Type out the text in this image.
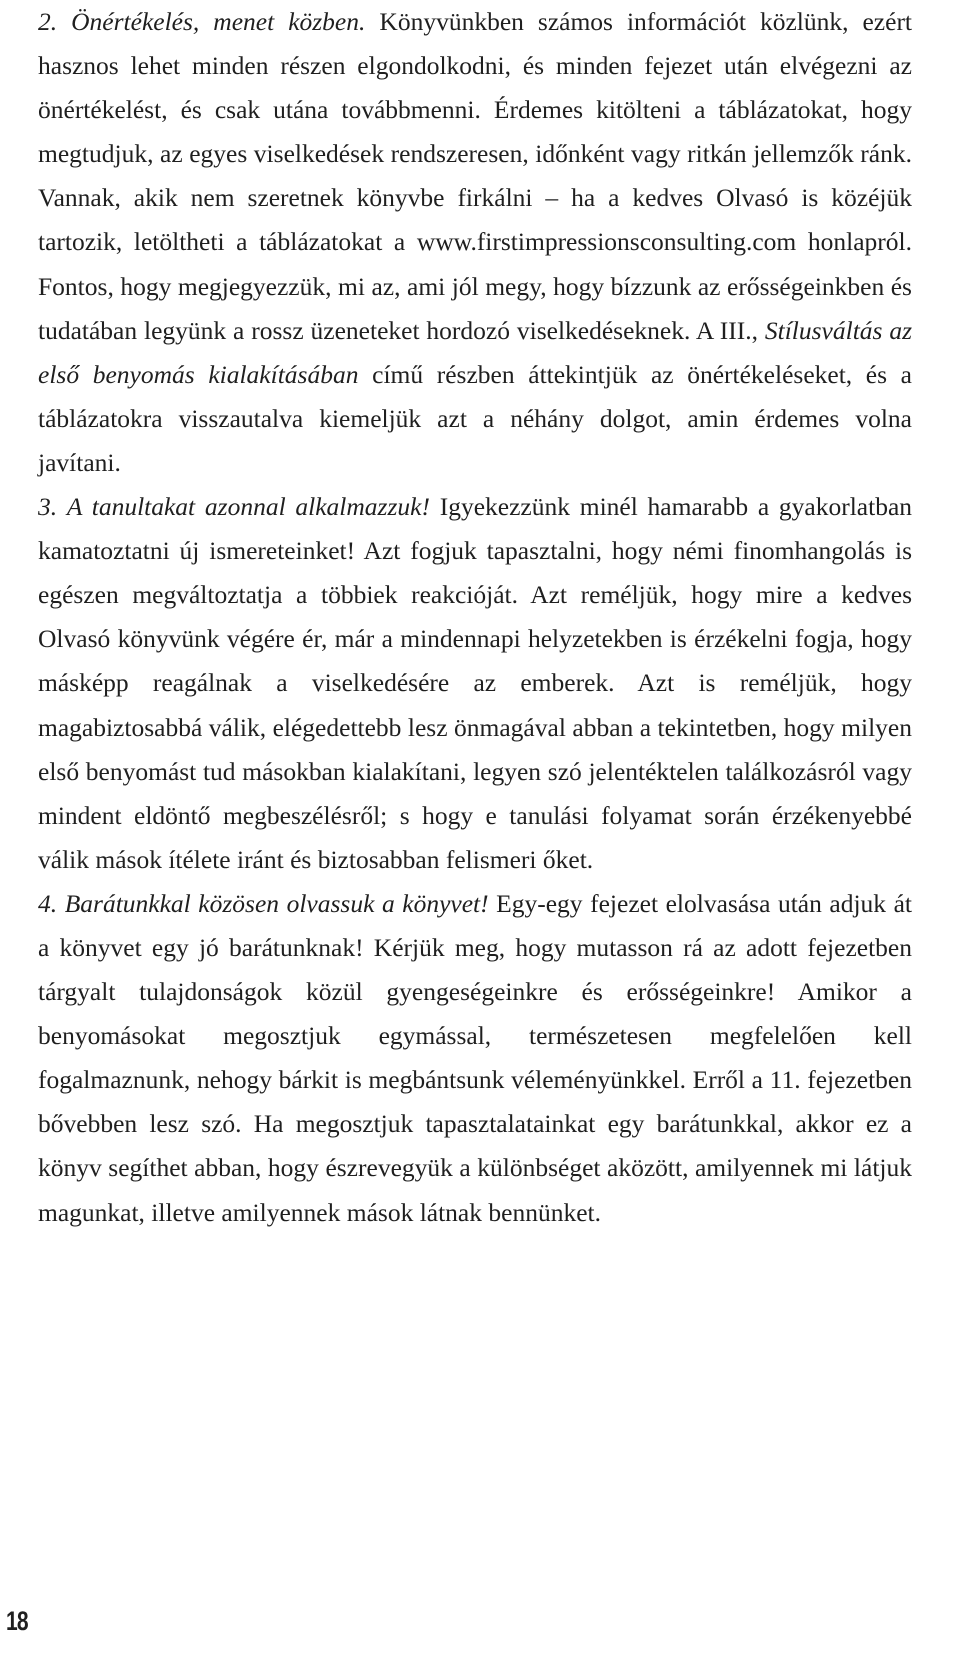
2. Önértékelés, menet közben. Könyvünkben számos információt közlünk, ezért hasznos lehet minden részen elgondolkodni, és minden fejezet után elvégezni az önértékelést, és csak utána továbbmenni. Érdemes kitölteni a táblázatokat, hogy megtudjuk, az egyes viselkedések rendszeresen, időnként vagy ritkán jellemzők ránk. Vannak, akik nem szeretnek könyvbe firkálni – ha a kedves Olvasó is közéjük tartozik, letöltheti a táblázatokat a www.firstimpressionsconsulting.com honlapról. Fontos, hogy megjegyezzük, mi az, ami jól megy, hogy bízzunk az erősségeinkben és tudatában legyünk a rossz üzeneteket hordozó viselkedéseknek. A III., Stílusváltás az első benyomás kialakításában című részben áttekintjük az önértékeléseket, és a táblázatokra visszautalva kiemeljük azt a néhány dolgot, amin érdemes volna javítani.

3. A tanultakat azonnal alkalmazzuk! Igyekezzünk minél hamarabb a gyakorlatban kamatoztatni új ismereteinket! Azt fogjuk tapasztalni, hogy némi finomhangolás is egészen megváltoztatja a többiek reakcióját. Azt reméljük, hogy mire a kedves Olvasó könyvünk végére ér, már a mindennapi helyzetekben is érzékelni fogja, hogy másképp reagálnak a viselkedésére az emberek. Azt is reméljük, hogy magabiztosabbá válik, elégedettebb lesz önmagával abban a tekintetben, hogy milyen első benyomást tud másokban kialakítani, legyen szó jelentéktelen találkozásról vagy mindent eldöntő megbeszélésről; s hogy e tanulási folyamat során érzékenyebbé válik mások ítélete iránt és biztosabban felismeri őket.

4. Barátunkkal közösen olvassuk a könyvet! Egy-egy fejezet elolvasása után adjuk át a könyvet egy jó barátunknak! Kérjük meg, hogy mutasson rá az adott fejezetben tárgyalt tulajdonságok közül gyengeségeinkre és erősségeinkre! Amikor a benyomásokat megosztjuk egymással, természetesen megfelelően kell fogalmaznunk, nehogy bárkit is megbántsunk véleményünkkel. Erről a 11. fejezetben bővebben lesz szó. Ha megosztjuk tapasztalatainkat egy barátunkkal, akkor ez a könyv segíthet abban, hogy észrevegyük a különbséget aközött, amilyennek mi látjuk magunkat, illetve amilyennek mások látnak bennünket.

18
